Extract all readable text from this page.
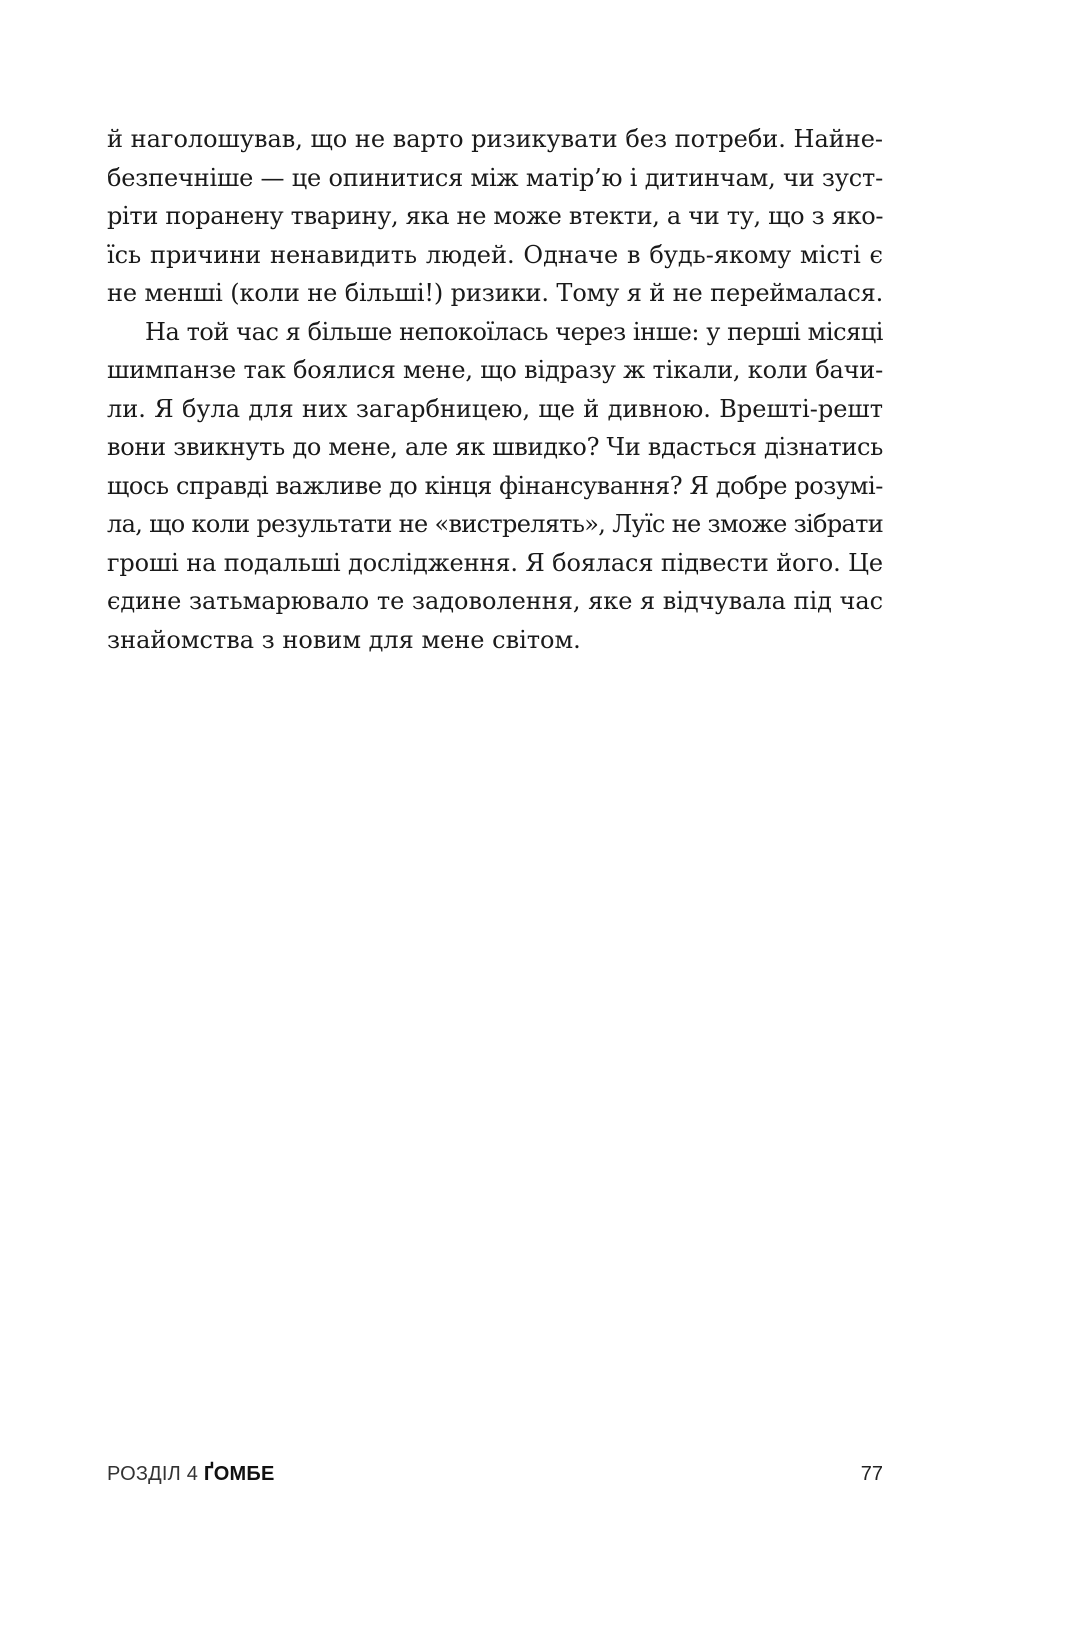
й наголошував, що не варто ризикувати без потреби. Найне-
безпечніше — це опинитися між матір’ю і дитинчам, чи зуст-
ріти поранену тварину, яка не може втекти, а чи ту, що з яко-
їсь причини ненавидить людей. Одначе в будь-якому місті є
не менші (коли не більші!) ризики. Тому я й не переймалася.

На той час я більше непокоїлась через інше: у перші місяці
шимпанзе так боялися мене, що відразу ж тікали, коли бачи-
ли. Я була для них загарбницею, ще й дивною. Врешті-решт
вони звикнуть до мене, але як швидко? Чи вдасться дізнатись
щось справді важливе до кінця фінансування? Я добре розумі-
ла, що коли результати не «вистрелять», Луїс не зможе зібрати
гроші на подальші дослідження. Я боялася підвести його. Це
єдине затьмарювало те задоволення, яке я відчувала під час
знайомства з новим для мене світом.

РОЗДІЛ 4 ҐОМБЕ	77
